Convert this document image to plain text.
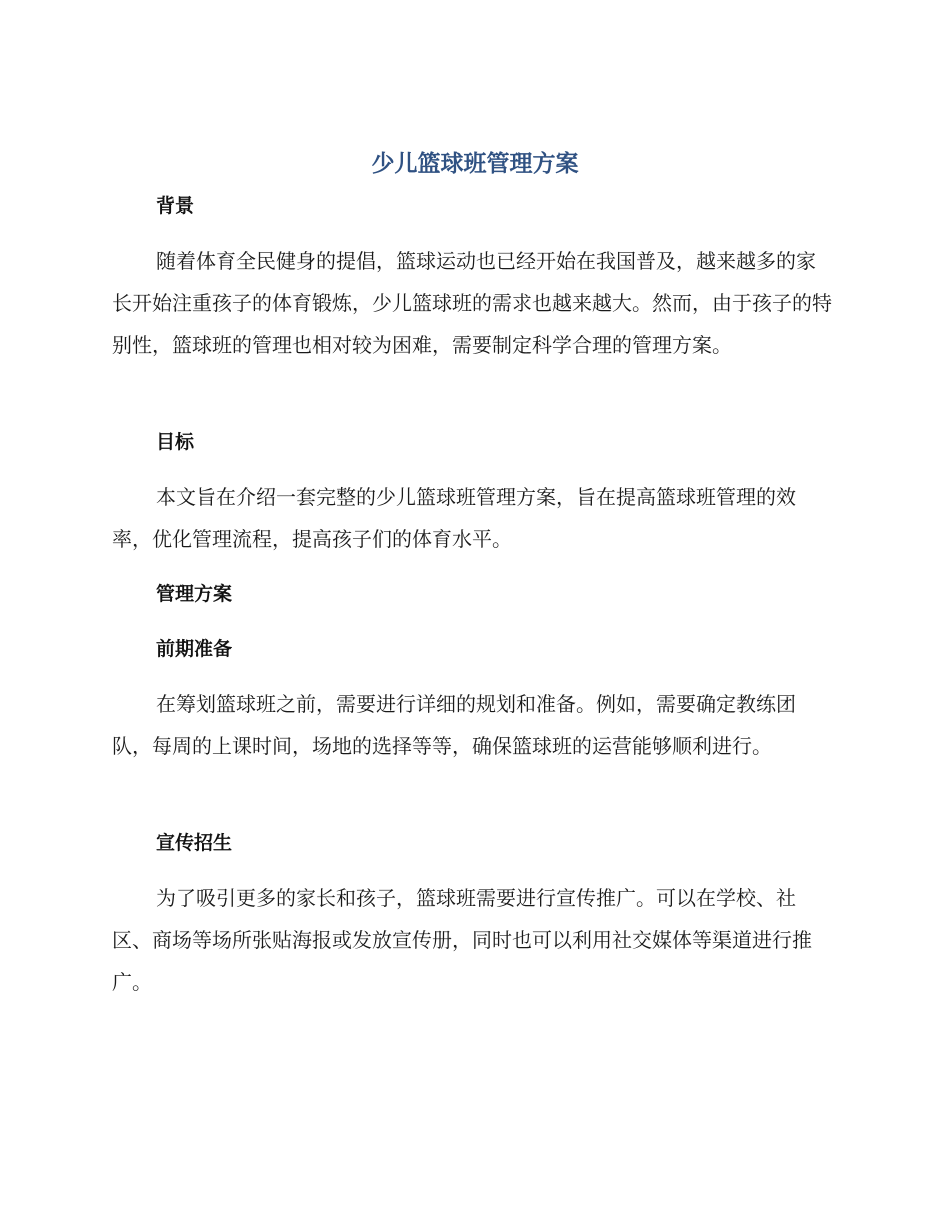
少儿篮球班管理方案
背景

随着体育全民健身的提倡，篮球运动也已经开始在我国普及，越来越多的家长开始注重孩子的体育锻炼，少儿篮球班的需求也越来越大。然而，由于孩子的特别性，篮球班的管理也相对较为困难，需要制定科学合理的管理方案。

目标

本文旨在介绍一套完整的少儿篮球班管理方案，旨在提高篮球班管理的效率，优化管理流程，提高孩子们的体育水平。

管理方案
前期准备

在筹划篮球班之前，需要进行详细的规划和准备。例如，需要确定教练团队，每周的上课时间，场地的选择等等，确保篮球班的运营能够顺利进行。

宣传招生

为了吸引更多的家长和孩子，篮球班需要进行宣传推广。可以在学校、社区、商场等场所张贴海报或发放宣传册，同时也可以利用社交媒体等渠道进行推广。
